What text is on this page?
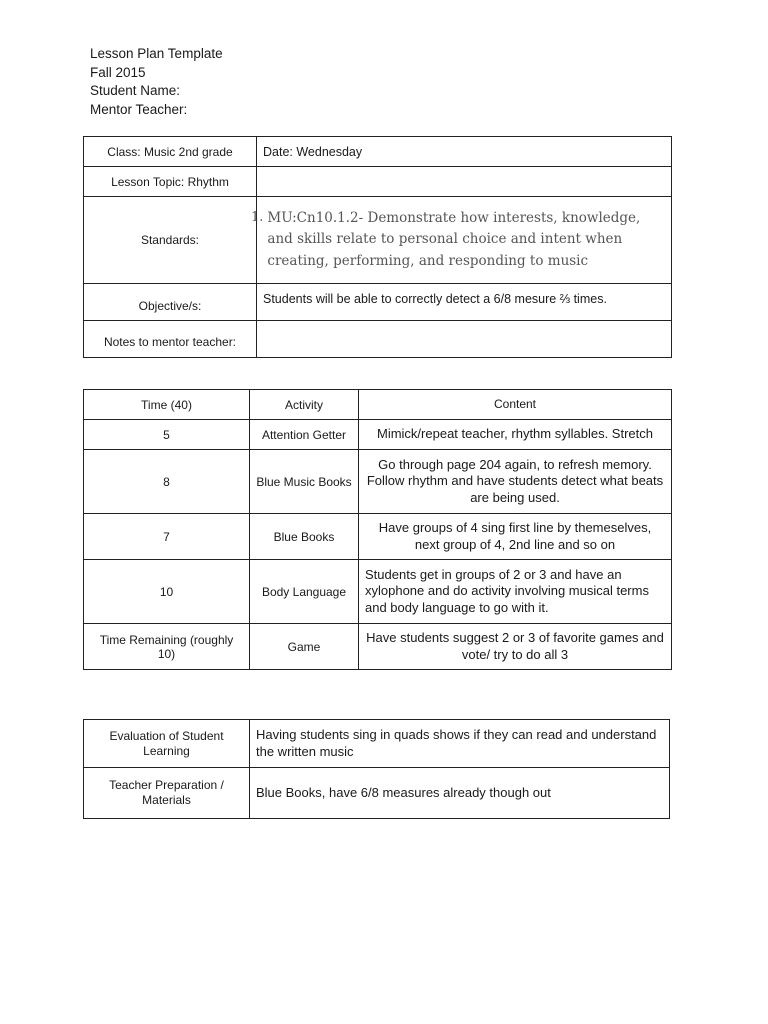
Lesson Plan Template
Fall 2015
Student Name:
Mentor Teacher:
Class: Music 2nd grade	Date: Wednesday
Lesson Topic: Rhythm	
Standards:	1. MU:Cn10.1.2- Demonstrate how interests, knowledge, and skills relate to personal choice and intent when creating, performing, and responding to music

Objective/s:	Students will be able to correctly detect a 6/8 mesure ⅔ times.
Notes to mentor teacher:	
Time (40)	Activity	Content
5	Attention Getter	Mimick/repeat teacher, rhythm syllables. Stretch
8	Blue Music Books	Go through page 204 again, to refresh memory. Follow rhythm and have students detect what beats are being used.
7	Blue Books	Have groups of 4 sing first line by themeselves, next group of 4, 2nd line and so on
10	Body Language	Students get in groups of 2 or 3 and have an xylophone and do activity involving musical terms and body language to go with it.
Time Remaining (roughly 10)	Game	Have students suggest 2 or 3 of favorite games and vote/ try to do all 3
Evaluation of Student Learning	Having students sing in quads shows if they can read and understand the written music
Teacher Preparation / Materials	Blue Books, have 6/8 measures already though out
